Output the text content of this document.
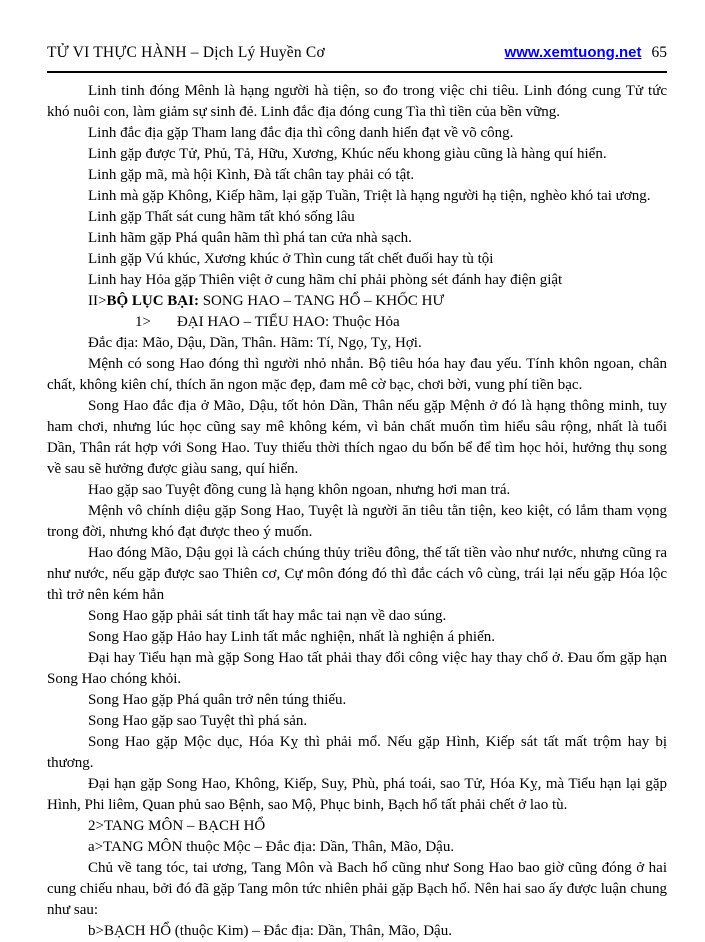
TỬ VI THỰC HÀNH – Dịch Lý Huyền Cơ	www.xemtuong.net 65

Linh tinh đóng Mênh là hạng người hà tiện, so đo trong việc chi tiêu. Linh đóng cung Tử tức khó nuôi con, làm giảm sự sinh đẻ. Linh đắc địa đóng cung Tìa thì tiền của bền vững.

Linh đắc địa gặp Tham lang đắc địa thì công danh hiển đạt về võ công.

Linh gặp được Tử, Phủ, Tả, Hữu, Xương, Khúc nếu khong giàu cũng là hàng quí hiển.

Linh gặp mã, mà hội Kình, Đà tất chân tay phải có tật.

Linh mà gặp Không, Kiếp hãm, lại gặp Tuần, Triệt là hạng người hạ tiện, nghèo khó tai ương.

Linh gặp Thất sát cung hãm tất khó sống lâu

Linh hãm gặp Phá quân hãm thì phá tan cửa nhà sạch.

Linh gặp Vú khúc, Xương khúc ở Thìn cung tất chết đuối hay tù tội

Linh hay Hỏa gặp Thiên việt ở cung hãm chỉ phải phòng sét đánh hay điện giật

II>BỘ LỤC BẠI: SONG HAO – TANG HỔ – KHỐC HƯ

1> ĐẠI HAO – TIỂU HAO: Thuộc Hỏa

Đắc địa: Mão, Dậu, Dần, Thân. Hãm: Tí, Ngọ, Tỵ, Hợi.

Mệnh có song Hao đóng thì người nhỏ nhắn. Bộ tiêu hóa hay đau yếu. Tính khôn ngoan, chân chất, không kiên chí, thích ăn ngon mặc đẹp, đam mê cờ bạc, chơi bời, vung phí tiền bạc.

Song Hao đắc địa ở Mão, Dậu, tốt hỏn Dần, Thân nếu gặp Mệnh ở đó là hạng thông minh, tuy ham chơi, nhưng lúc học cũng say mê không kém, vì bản chất muốn tìm hiểu sâu rộng, nhất là tuổi Dần, Thân rát hợp với Song Hao. Tuy thiếu thời thích ngao du bốn bể để tìm học hỏi, hưởng thụ song về sau sẽ hưởng được giàu sang, quí hiển.

Hao gặp sao Tuyệt đồng cung là hạng khôn ngoan, nhưng hơi man trá.

Mệnh vô chính diệu gặp Song Hao, Tuyệt là người ăn tiêu tằn tiện, keo kiệt, có lắm tham vọng trong đời, nhưng khó đạt được theo ý muốn.

Hao đóng Mão, Dậu gọi là cách chúng thủy triều đông, thế tất tiền vào như nước, nhưng cũng ra như nước, nếu gặp được sao Thiên cơ, Cự môn đóng đó thì đắc cách vô cùng, trái lại nếu gặp Hóa lộc thì trở nên kém hẳn

Song Hao gặp phải sát tinh tất hay mắc tai nạn về dao súng.

Song Hao gặp Hảo hay Linh tất mắc nghiện, nhất là nghiện á phiến.

Đại hay Tiểu hạn mà gặp Song Hao tất phải thay đổi công việc hay thay chổ ở. Đau ốm gặp hạn Song Hao chóng khỏi.

Song Hao gặp Phá quân trở nên túng thiếu.

Song Hao gặp sao Tuyệt thì phá sản.

Song Hao gặp Mộc dục, Hóa Kỵ thì phải mổ. Nếu gặp Hình, Kiếp sát tất mất trộm hay bị thương.

Đại hạn gặp Song Hao, Không, Kiếp, Suy, Phù, phá toái, sao Tử, Hóa Kỵ, mà Tiểu hạn lại gặp Hình, Phi liêm, Quan phủ sao Bệnh, sao Mộ, Phục binh, Bạch hổ tất phải chết ở lao tù.

2>TANG MÔN – BẠCH HỔ

a>TANG MÔN thuộc Mộc – Đắc địa: Dần, Thân, Mão, Dậu.

Chủ về tang tóc, tai ương, Tang Môn và Bach hổ cũng như Song Hao bao giờ cũng đóng ở hai cung chiếu nhau, bởi đó đã gặp Tang môn tức nhiên phải gặp Bạch hổ. Nên hai sao ấy được luận chung như sau:

b>BẠCH HỔ (thuộc Kim) – Đắc địa: Dần, Thân, Mão, Dậu.
